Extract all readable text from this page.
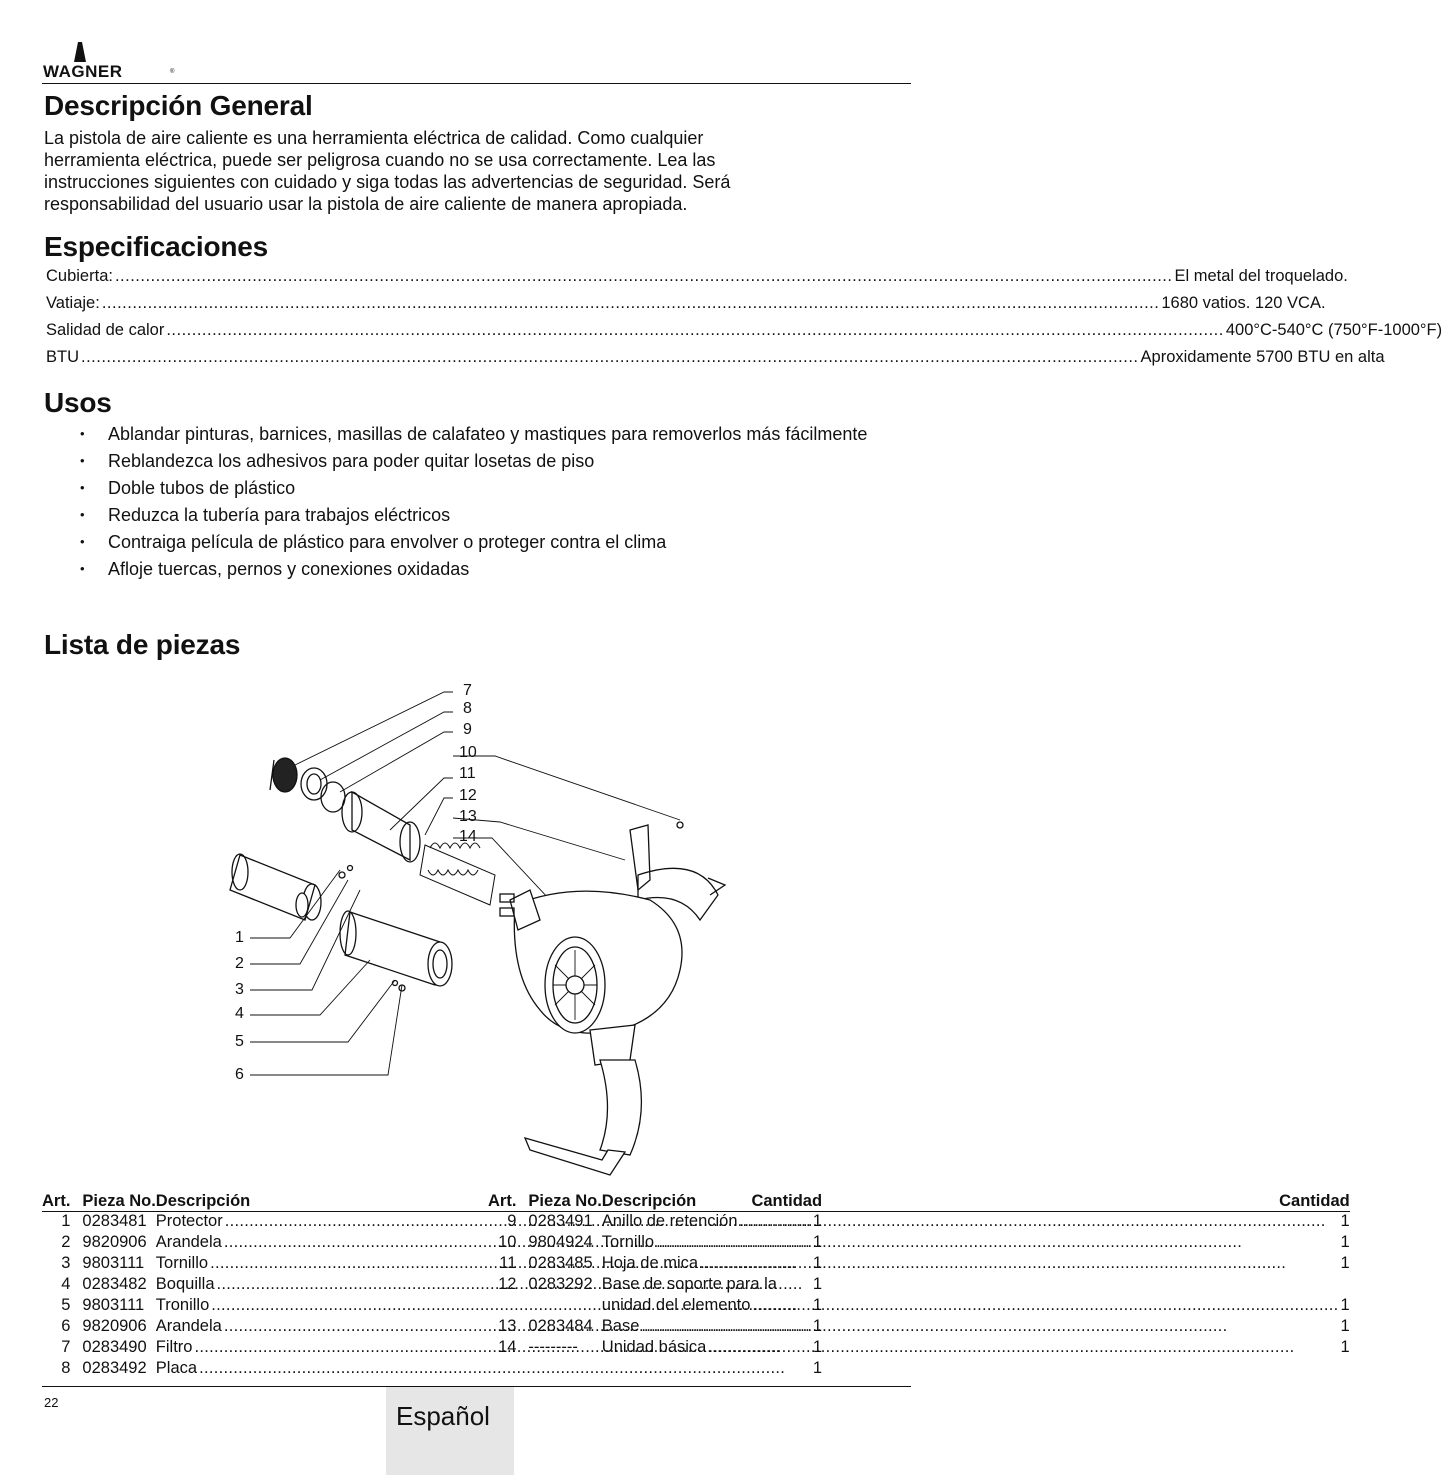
WAGNER	®
Descripción General
La pistola de aire caliente es una herramienta eléctrica de calidad. Como cualquier
herramienta eléctrica, puede ser peligrosa cuando no se usa correctamente. Lea las
instrucciones siguientes con cuidado y siga todas las advertencias de seguridad. Será
responsabilidad del usuario usar la pistola de aire caliente de manera apropiada.
Especificaciones
Cubierta: .....	El metal del troquelado.
Vatiaje: .....	1680 vatios. 120 VCA.
Salidad de calor .....	400°C-540°C (750°F-1000°F)
BTU .....	Aproxidamente 5700 BTU en alta
Usos
• Ablandar pinturas, barnices, masillas de calafateo y mastiques para removerlos más fácilmente
• Reblandezca los adhesivos para poder quitar losetas de piso
• Doble tubos de plástico
• Reduzca la tubería para trabajos eléctricos
• Contraiga película de plástico para envolver o proteger contra el clima
• Afloje tuercas, pernos y conexiones oxidadas
Lista de piezas
7
8
9
10
11
12
13
14
1
2
3
4
5
6
Art.	Pieza No.	Descripción Cantidad

1	0283481	Protector ..... 1

2	9820906	Arandela ..... 1

3	9803111	Tornillo ..... 1

4	0283482	Boquilla ..... 1

5	9803111	Tronillo ..... 1

6	9820906	Arandela ..... 1

7	0283490	Filtro ..... 1

8	0283492	Placa ..... 1
Art.	Pieza No.	Descripción Cantidad

9	0283491	Anillo de retención ..... 1

10	9804924	Tornillo ..... 1

11	0283485	Hoja de mica ..... 1

12	0283292	Base de soporte para la

		unidad del elemento ..... 1

13	0283484	Base ..... 1

14	---------	Unidad básica ..... 1
22	Español
